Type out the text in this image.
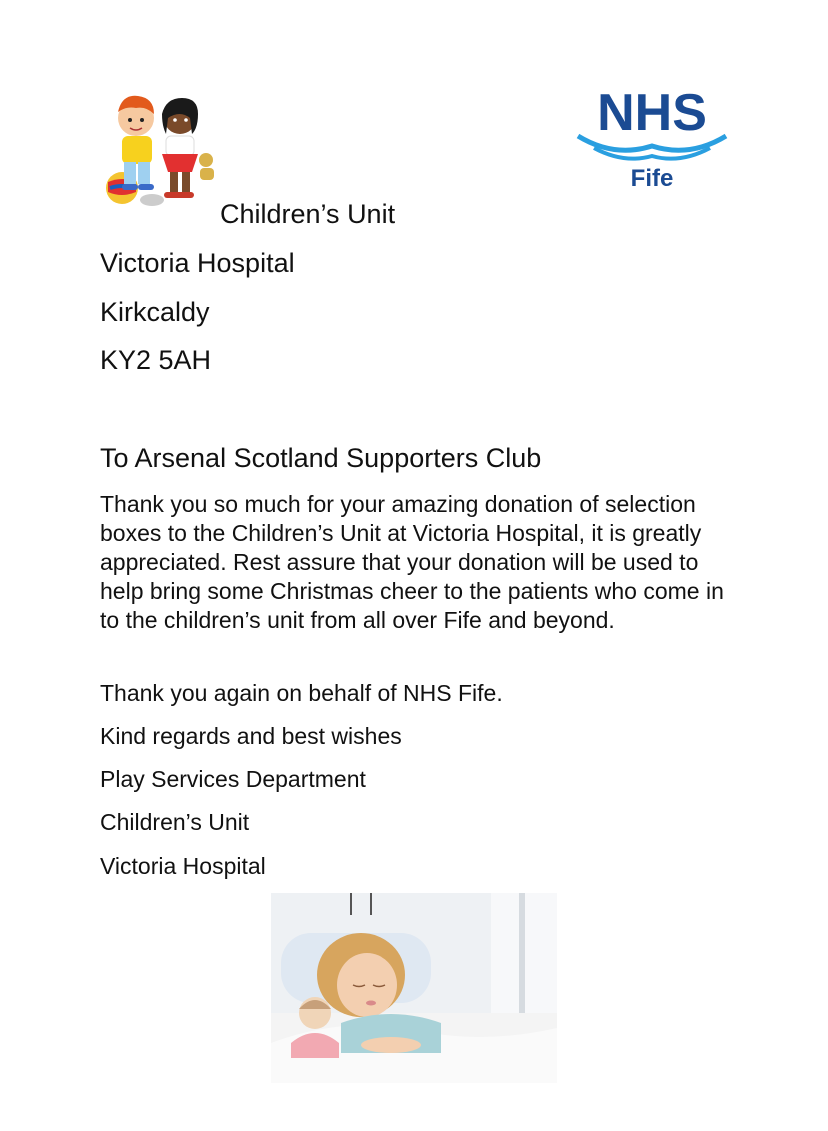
NHS
Fife
Children’s Unit
Victoria Hospital
Kirkcaldy
KY2 5AH
To Arsenal Scotland Supporters Club
Thank you so much for your amazing donation of selection boxes to the Children’s Unit at Victoria Hospital, it is greatly appreciated. Rest assure that your donation will be used to help bring some Christmas cheer to the patients who come in to the children’s unit from all over Fife and beyond.
Thank you again on behalf of NHS Fife.
Kind regards and best wishes
Play Services Department
Children’s Unit
Victoria Hospital
